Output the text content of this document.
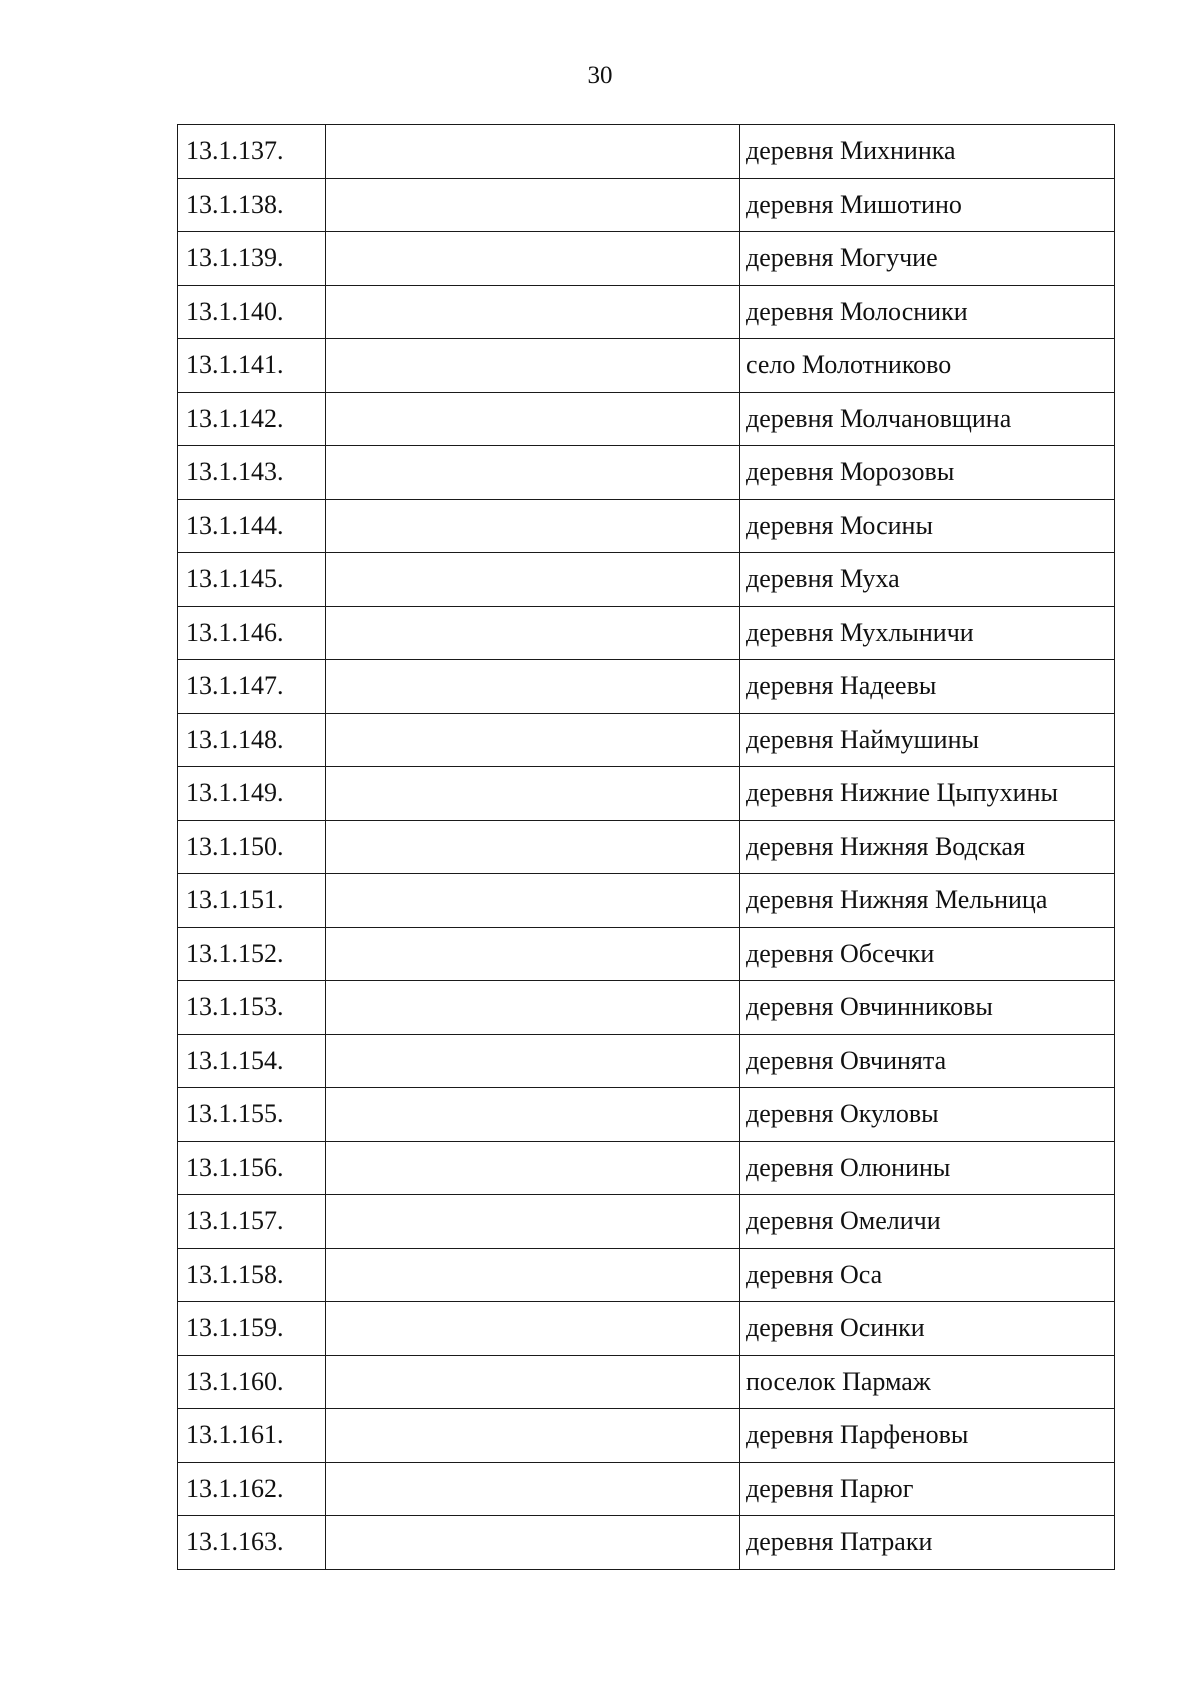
30
13.1.137.		деревня Михнинка
13.1.138.		деревня Мишотино
13.1.139.		деревня Могучие
13.1.140.		деревня Молосники
13.1.141.		село Молотниково
13.1.142.		деревня Молчановщина
13.1.143.		деревня Морозовы
13.1.144.		деревня Мосины
13.1.145.		деревня Муха
13.1.146.		деревня Мухлыничи
13.1.147.		деревня Надеевы
13.1.148.		деревня Наймушины
13.1.149.		деревня Нижние Цыпухины
13.1.150.		деревня Нижняя Водская
13.1.151.		деревня Нижняя Мельница
13.1.152.		деревня Обсечки
13.1.153.		деревня Овчинниковы
13.1.154.		деревня Овчинята
13.1.155.		деревня Окуловы
13.1.156.		деревня Олюнины
13.1.157.		деревня Омеличи
13.1.158.		деревня Оса
13.1.159.		деревня Осинки
13.1.160.		поселок Пармаж
13.1.161.		деревня Парфеновы
13.1.162.		деревня Парюг
13.1.163.		деревня Патраки
